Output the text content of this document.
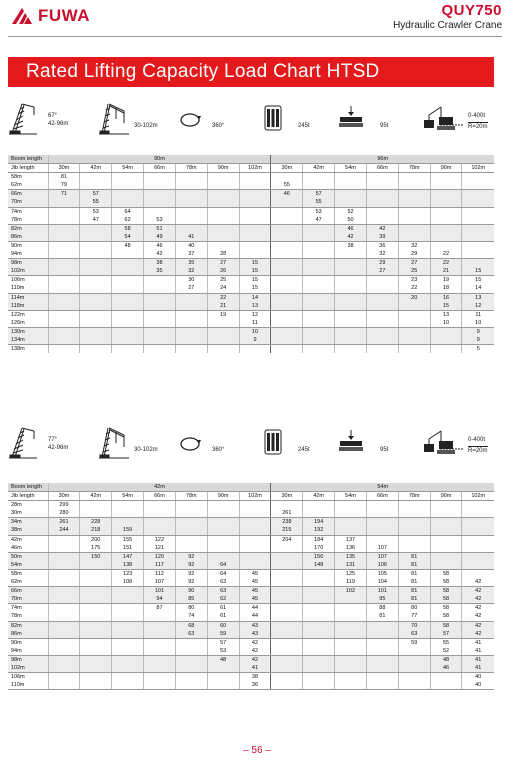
FUWA	QUY750
Hydraulic Crawler Crane
Rated Lifting Capacity Load Chart HTSD
67°
42-96m	30-102m	360°	245t	95t
0-400t
R=20m
77°
42-96m	30-102m	360°	245t	95t
0-400t
R=20m
Boom length	90m							96m						
Jib length	30m	42m	54m	66m	78m	90m	102m	30m	42m	54m	66m	78m	90m	102m
58m	81													
62m	79							55						
66m	71	57						46	57					
70m		55							55					
74m		53	64						53	52				
78m		47	62	53					47	50				
82m			58	51						46	42			
86m			54	49	41					42	39			
90m			48	46	40					38	36	32		
94m				42	37	28					32	29	22	
98m				38	35	27	15				29	27	22	
102m				35	32	26	15				27	25	21	15
106m					30	25	15					23	19	15
110m					27	24	15					22	18	14
114m						22	14					20	16	13
118m						21	13						15	12
122m						19	12						13	11
126m							11						10	10
130m							10							9
134m							9							9
138m														5
Boom length	42m							54m						
Jib length	30m	42m	54m	66m	78m	90m	102m	30m	42m	54m	66m	78m	90m	102m
28m	299													
30m	280							261						
34m	261	228						238	194					
38m	244	218	159					215	192					
42m		200	155	122				204	184	137				
46m		175	151	121					170	136	107			
50m		150	147	120	92				156	135	107	81		
54m			138	117	92	64			148	131	106	81		
58m			123	112	92	64	45			125	105	81	58	
62m			108	107	92	63	45			119	104	81	58	42
66m				101	90	63	45			102	101	81	58	42
70m				94	85	62	45				95	81	58	42
74m				87	80	61	44				88	80	58	42
78m					74	61	44				81	77	58	42
82m					68	60	43					70	58	42
86m					63	59	43					63	57	42
90m						57	42					59	55	41
94m						53	42						52	41
98m						48	42						48	41
102m							41						46	41
106m							38							40
110m							36							40
– 56 –
